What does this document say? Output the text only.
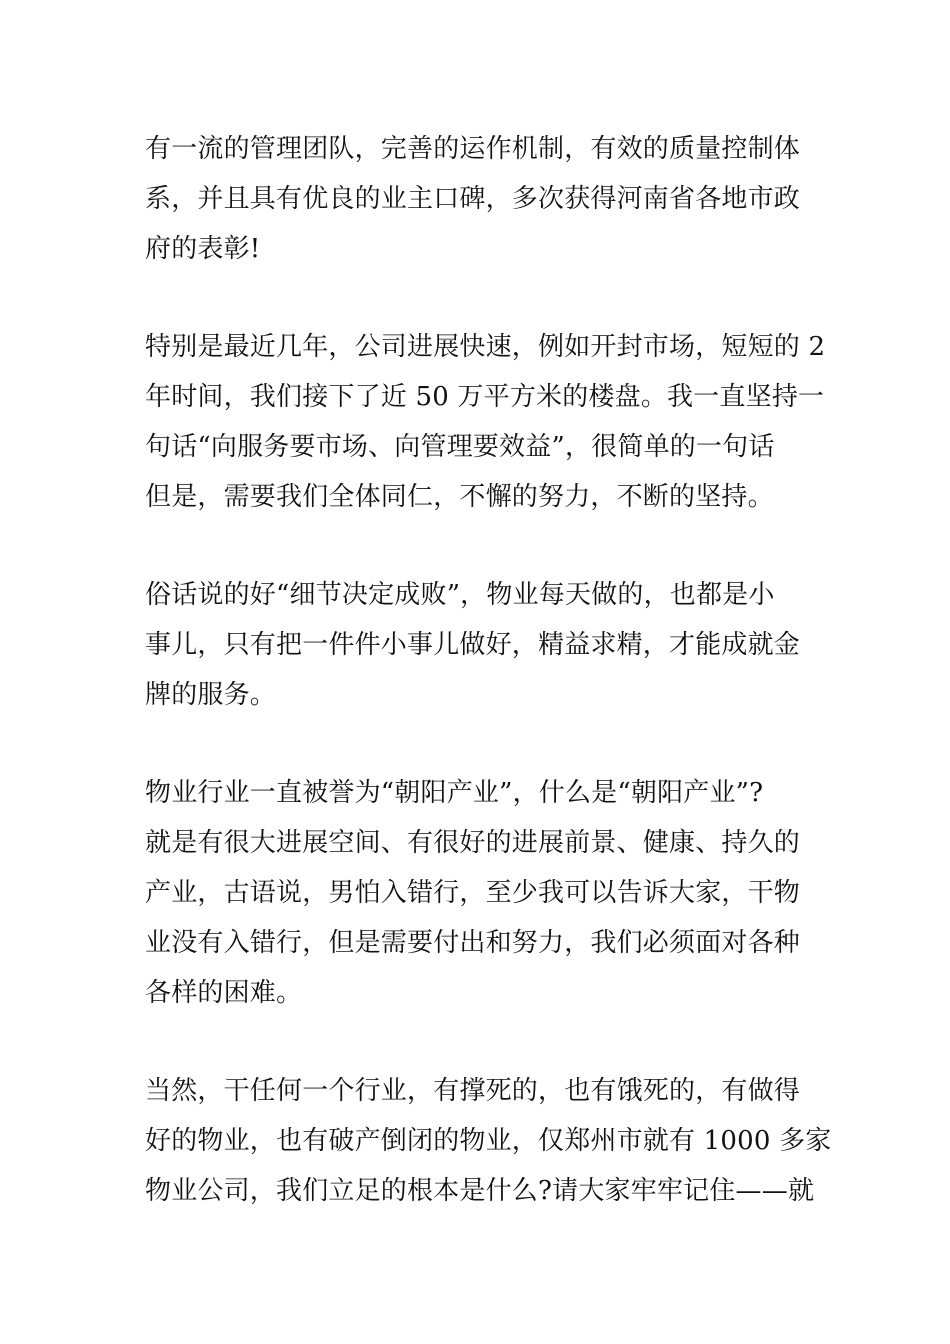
有一流的管理团队，完善的运作机制，有效的质量控制体
系，并且具有优良的业主口碑，多次获得河南省各地市政
府的表彰!
特别是最近几年，公司进展快速，例如开封市场，短短的 2
年时间，我们接下了近 50 万平方米的楼盘。我一直坚持一
句话“向服务要市场、向管理要效益”，很简单的一句话
但是，需要我们全体同仁，不懈的努力，不断的坚持。
俗话说的好“细节决定成败”，物业每天做的，也都是小
事儿，只有把一件件小事儿做好，精益求精，才能成就金
牌的服务。
物业行业一直被誉为“朝阳产业”，什么是“朝阳产业”?
就是有很大进展空间、有很好的进展前景、健康、持久的
产业，古语说，男怕入错行，至少我可以告诉大家，干物
业没有入错行，但是需要付出和努力，我们必须面对各种
各样的困难。
当然，干任何一个行业，有撑死的，也有饿死的，有做得
好的物业，也有破产倒闭的物业，仅郑州市就有 1000 多家
物业公司，我们立足的根本是什么?请大家牢牢记住——就
